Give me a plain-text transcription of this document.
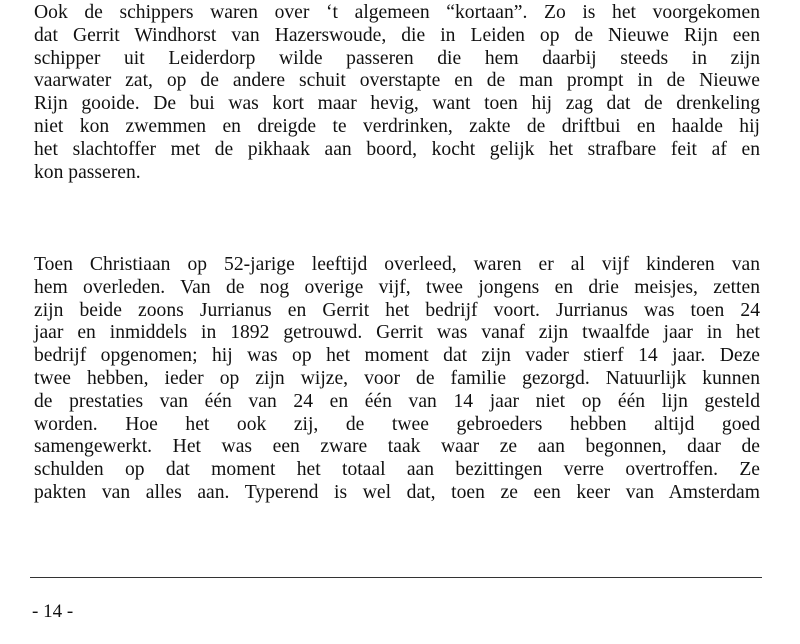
Ook de schippers waren over ‘t algemeen “kortaan”. Zo is het voorgekomen
dat Gerrit Windhorst van Hazerswoude, die in Leiden op de Nieuwe Rijn een
schipper uit Leiderdorp wilde passeren die hem daarbij steeds in zijn
vaarwater zat, op de andere schuit overstapte en de man prompt in de Nieuwe
Rijn gooide. De bui was kort maar hevig, want toen hij zag dat de drenkeling
niet kon zwemmen en dreigde te verdrinken, zakte de driftbui en haalde hij
het slachtoffer met de pikhaak aan boord, kocht gelijk het strafbare feit af en
kon passeren.

Toen Christiaan op 52-jarige leeftijd overleed, waren er al vijf kinderen van
hem overleden. Van de nog overige vijf, twee jongens en drie meisjes, zetten
zijn beide zoons Jurrianus en Gerrit het bedrijf voort. Jurrianus was toen 24
jaar en inmiddels in 1892 getrouwd. Gerrit was vanaf zijn twaalfde jaar in het
bedrijf opgenomen; hij was op het moment dat zijn vader stierf 14 jaar. Deze
twee hebben, ieder op zijn wijze, voor de familie gezorgd. Natuurlijk kunnen
de prestaties van één van 24 en één van 14 jaar niet op één lijn gesteld
worden. Hoe het ook zij, de twee gebroeders hebben altijd goed
samengewerkt. Het was een zware taak waar ze aan begonnen, daar de
schulden op dat moment het totaal aan bezittingen verre overtroffen. Ze
pakten van alles aan. Typerend is wel dat, toen ze een keer van Amsterdam

- 14 -
